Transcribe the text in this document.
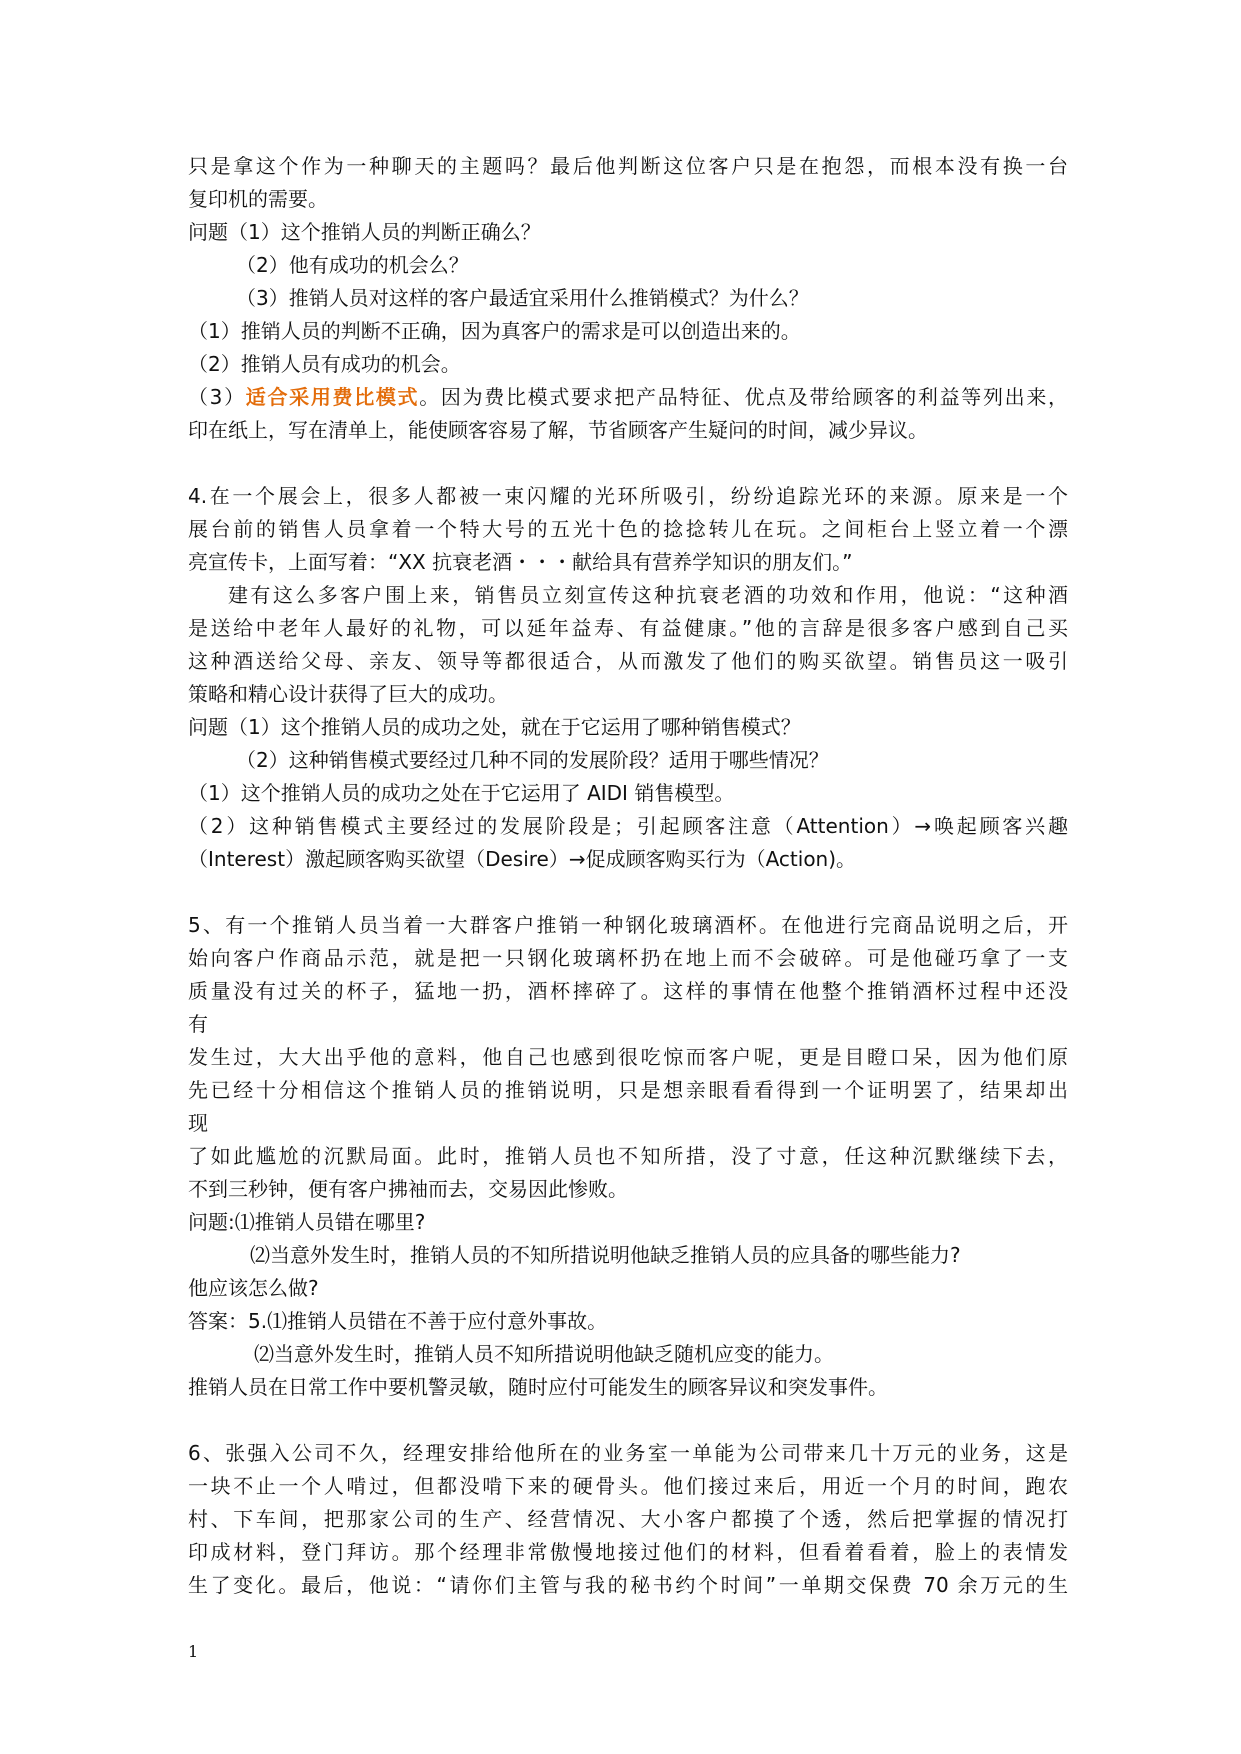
只是拿这个作为一种聊天的主题吗？最后他判断这位客户只是在抱怨，而根本没有换一台
复印机的需要。
问题（1）这个推销人员的判断正确么？
（2）他有成功的机会么？
（3）推销人员对这样的客户最适宜采用什么推销模式？为什么？
（1）推销人员的判断不正确，因为真客户的需求是可以创造出来的。
（2）推销人员有成功的机会。
（3）适合采用费比模式。因为费比模式要求把产品特征、优点及带给顾客的利益等列出来，
印在纸上，写在清单上，能使顾客容易了解，节省顾客产生疑问的时间，减少异议。
4.在一个展会上，很多人都被一束闪耀的光环所吸引，纷纷追踪光环的来源。原来是一个
展台前的销售人员拿着一个特大号的五光十色的捻捻转儿在玩。之间柜台上竖立着一个漂
亮宣传卡，上面写着：“XX 抗衰老酒・・・献给具有营养学知识的朋友们。”
建有这么多客户围上来，销售员立刻宣传这种抗衰老酒的功效和作用，他说：“这种酒
是送给中老年人最好的礼物，可以延年益寿、有益健康。”他的言辞是很多客户感到自己买
这种酒送给父母、亲友、领导等都很适合，从而激发了他们的购买欲望。销售员这一吸引
策略和精心设计获得了巨大的成功。
问题（1）这个推销人员的成功之处，就在于它运用了哪种销售模式？
（2）这种销售模式要经过几种不同的发展阶段？适用于哪些情况？
（1）这个推销人员的成功之处在于它运用了 AIDI 销售模型。
（2）这种销售模式主要经过的发展阶段是；引起顾客注意（Attention）→唤起顾客兴趣
（Interest）激起顾客购买欲望（Desire）→促成顾客购买行为（Action)。
5、有一个推销人员当着一大群客户推销一种钢化玻璃酒杯。在他进行完商品说明之后，开
始向客户作商品示范，就是把一只钢化玻璃杯扔在地上而不会破碎。可是他碰巧拿了一支
质量没有过关的杯子，猛地一扔，酒杯摔碎了。这样的事情在他整个推销酒杯过程中还没
有
发生过，大大出乎他的意料，他自己也感到很吃惊而客户呢，更是目瞪口呆，因为他们原
先已经十分相信这个推销人员的推销说明，只是想亲眼看看得到一个证明罢了，结果却出
现
了如此尴尬的沉默局面。此时，推销人员也不知所措，没了寸意，任这种沉默继续下去，
不到三秒钟，便有客户拂袖而去，交易因此惨败。
问题:⑴推销人员错在哪里?
⑵当意外发生时，推销人员的不知所措说明他缺乏推销人员的应具备的哪些能力?
他应该怎么做?
答案：5.⑴推销人员错在不善于应付意外事故。
⑵当意外发生时，推销人员不知所措说明他缺乏随机应变的能力。
推销人员在日常工作中要机警灵敏，随时应付可能发生的顾客异议和突发事件。
6、张强入公司不久，经理安排给他所在的业务室一单能为公司带来几十万元的业务，这是
一块不止一个人啃过，但都没啃下来的硬骨头。他们接过来后，用近一个月的时间，跑农
村、下车间，把那家公司的生产、经营情况、大小客户都摸了个透，然后把掌握的情况打
印成材料，登门拜访。那个经理非常傲慢地接过他们的材料，但看着看着，脸上的表情发
生了变化。最后，他说：“请你们主管与我的秘书约个时间”一单期交保费 70 余万元的生
1
